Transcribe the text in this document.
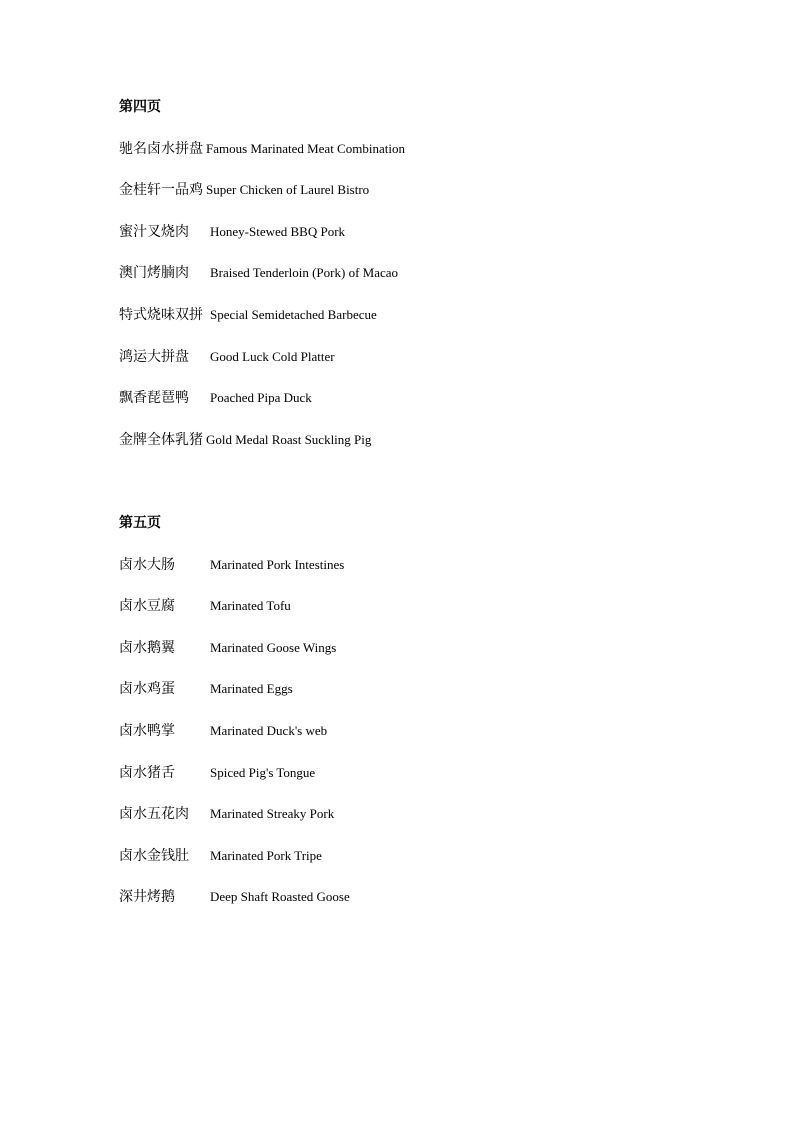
第四页
驰名卤水拼盘 Famous Marinated Meat Combination
金桂轩一品鸡 Super Chicken of Laurel Bistro
蜜汁叉烧肉 Honey-Stewed BBQ Pork
澳门烤腩肉 Braised Tenderloin (Pork) of Macao
特式烧味双拼 Special Semidetached Barbecue
鸿运大拼盘 Good Luck Cold Platter
飘香琵琶鸭 Poached Pipa Duck
金牌全体乳猪 Gold Medal Roast Suckling Pig
第五页
卤水大肠	Marinated Pork Intestines
卤水豆腐	Marinated Tofu
卤水鹅翼	Marinated Goose Wings
卤水鸡蛋	Marinated Eggs
卤水鸭掌	Marinated Duck's web
卤水猪舌	Spiced Pig's Tongue
卤水五花肉 Marinated Streaky Pork
卤水金钱肚 Marinated Pork Tripe
深井烤鹅	Deep Shaft Roasted Goose
